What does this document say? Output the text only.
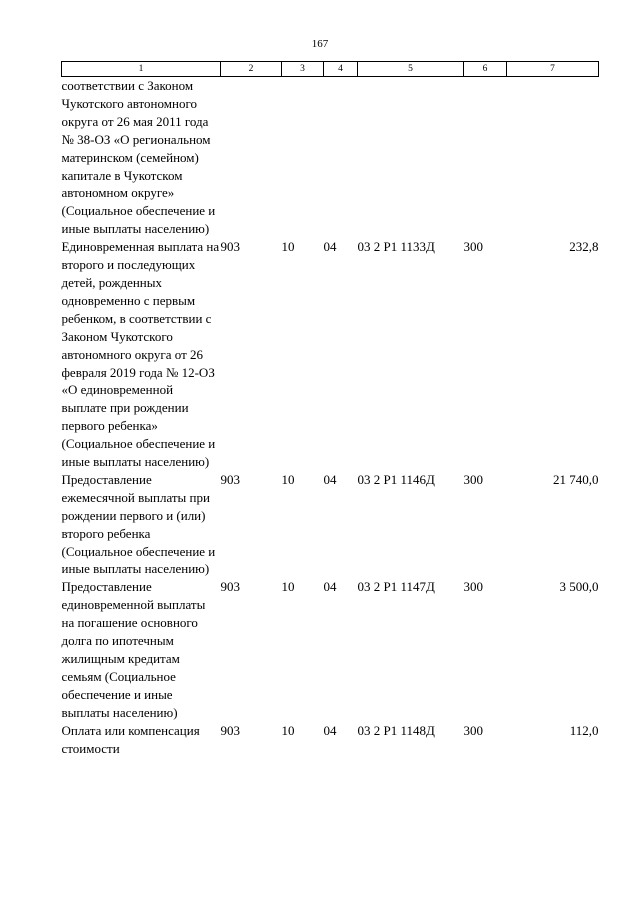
167
1	2	3	4	5	6	7
соответствии с Законом Чукотского автономного округа от 26 мая 2011 года № 38-ОЗ «О региональном материнском (семейном) капитале в Чукотском автономном округе» (Социальное обеспечение и иные выплаты населению)						
Единовременная выплата на второго и последующих детей, рожденных одновременно с первым ребенком, в соответствии с Законом Чукотского автономного округа от 26 февраля 2019 года № 12-ОЗ «О единовременной выплате при рождении первого ребенка» (Социальное обеспечение и иные выплаты населению)	903	10	04	03 2 Р1 1133Д	300	232,8
Предоставление ежемесячной выплаты при рождении первого и (или) второго ребенка (Социальное обеспечение и иные выплаты населению)	903	10	04	03 2 Р1 1146Д	300	21 740,0
Предоставление единовременной выплаты на погашение основного долга по ипотечным жилищным кредитам семьям (Социальное обеспечение и иные выплаты населению)	903	10	04	03 2 Р1 1147Д	300	3 500,0
Оплата или компенсация стоимости	903	10	04	03 2 Р1 1148Д	300	112,0
